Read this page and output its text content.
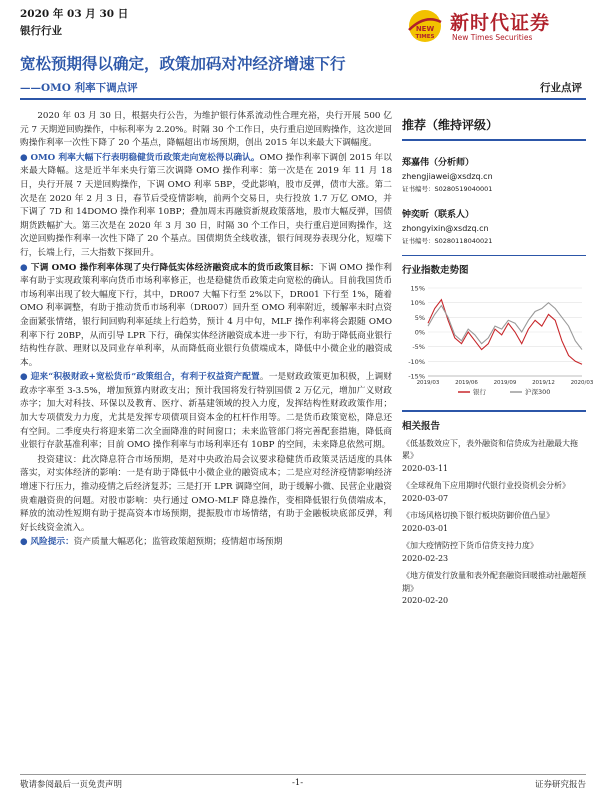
2020 年 03 月 30 日
银行行业	NEW
TIMES
新时代证券
New Times Securities
宽松预期得以确定，政策加码对冲经济增速下行
——OMO 利率下调点评	行业点评

2020 年 03 月 30 日，根据央行公告，为维护银行体系流动性合理充裕，央行开展 500 亿元 7 天期逆回购操作，中标利率为 2.20%。时隔 30 个工作日，央行重启逆回购操作，这次逆回购操作利率一次性下降了 20 个基点，降幅超出市场预期，创出 2015 年以来最大下调幅度。

● OMO 利率大幅下行表明稳健货币政策走向宽松得以确认。OMO 操作利率下调创 2015 年以来最大降幅。这是近半年来央行第三次调降 OMO 操作利率：第一次是在 2019 年 11 月 18 日，央行开展 7 天逆回购操作，下调 OMO 利率 5BP，受此影响，股市反弹，债市大涨。第二次是在 2020 年 2 月 3 日，春节后受疫情影响，前两个交易日，央行投放 1.7 万亿 OMO，并下调了 7D 和 14DOMO 操作利率 10BP；叠加周末再融资新规政策落地，股市大幅反弹，国债期货跌幅扩大。第三次是在 2020 年 3 月 30 日，时隔 30 个工作日，央行重启逆回购操作，这次逆回购操作利率一次性下降了 20 个基点。国债期货全线收涨，银行间现券表现分化，短端下行，长端上行，三大指数下探回升。

● 下调 OMO 操作利率体现了央行降低实体经济融资成本的货币政策目标：下调 OMO 操作利率有助于实现政策利率向货币市场利率修正，也是稳健货币政策走向宽松的确认。目前我国货币市场利率出现了较大幅度下行，其中，DR007 大幅下行至 2%以下，DR001 下行至 1%，随着 OMO 利率调整，有助于推动货币市场利率（DR007）回升至 OMO 利率附近，缓解率未时点资金面紧张情绪，银行间回购利率延续上行趋势，预计 4 月中旬，MLF 操作利率将会跟随 OMO 利率下行 20BP，从而引导 LPR 下行，确保实体经济融资成本进一步下行，有助于降低商业银行结构性存款、理财以及同业存单利率，从而降低商业银行负债端成本，降低中小微企业的融资成本。

● 迎来“积极财政+宽松货币”政策组合，有利于权益资产配置。一是财政政策更加积极，上调财政赤字率至 3-3.5%，增加预算内财政支出；预计我国将发行特别国债 2 万亿元，增加广义财政赤字；加大对科技、环保以及教育、医疗、新基建领域的投入力度，发挥结构性财政政策作用；加大专项债发力力度，尤其是发挥专项债项目资本金的杠杆作用等。二是货币政策宽松，降息还有空间。二季度央行将迎来第二次全面降准的时间窗口；未来监管部门将完善配套措施，降低商业银行存款基准利率；目前 OMO 操作利率与市场利率还有 10BP 的空间，未来降息依然可期。

投资建议：此次降息符合市场预期，是对中央政治局会议要求稳健货币政策灵活适度的具体落实，对实体经济的影响：一是有助于降低中小微企业的融资成本；二是应对经济疫情影响经济增速下行压力，推动疫情之后经济复苏；三是打开 LPR 调降空间，助于缓解小微、民营企业融资贵难融资贵的问题。对股市影响：央行通过 OMO-MLF 降息操作，变相降低银行负债端成本，释放的流动性短期有助于提高资本市场预期，提振股市市场情绪，有助于金融板块底部反弹，利好长线资金流入。

● 风险提示：资产质量大幅恶化；监管政策超预期；疫情超市场预期

推荐（维持评级）
郑嘉伟（分析师）
zhengjiawei@xsdzq.cn
证书编号：S0280519040001
钟奕昕（联系人）
zhongyixin@xsdzq.cn
证书编号：S0280118040021
行业指数走势图
15%
10%
5%
0%
-5%
-10%
-15%
2019/03	2019/06	2019/09	2019/12	2020/03
银行	沪深300
相关报告
《低基数效应下，表外融资和信贷成为社融最大拖累》
2020-03-11
《全球视角下应用期时代银行业投资机会分析》
2020-03-07
《市场风格切换下银行板块防御价值凸显》
2020-03-01
《加大疫情防控下货币信贷支持力度》
2020-02-23
《地方债发行放量和表外配套融资回暖推动社融超预期》
2020-02-20
敬请参阅最后一页免责声明	-1-	证券研究报告
